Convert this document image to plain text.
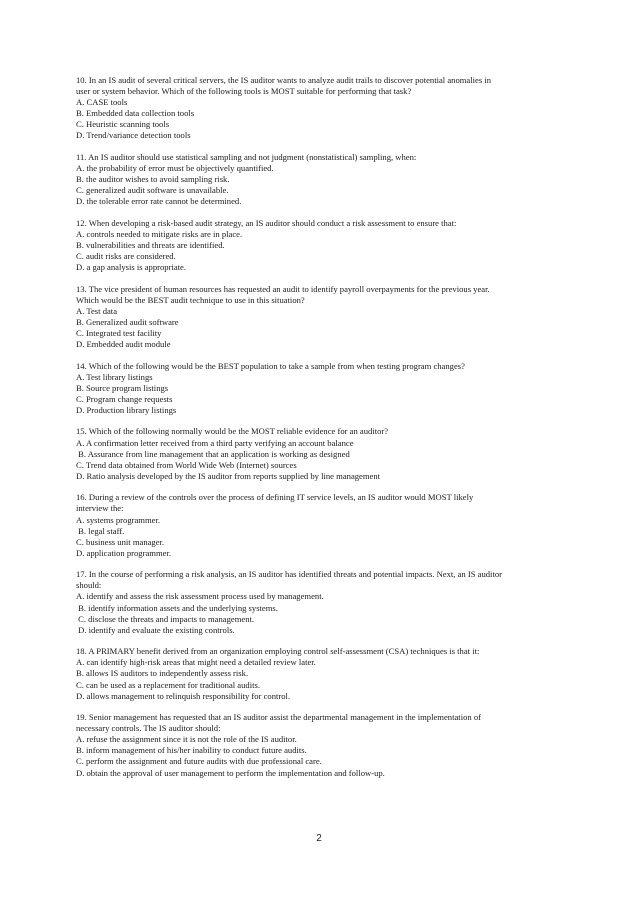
10. In an IS audit of several critical servers, the IS auditor wants to analyze audit trails to discover potential anomalies in
user or system behavior. Which of the following tools is MOST suitable for performing that task?
A. CASE tools
B. Embedded data collection tools
C. Heuristic scanning tools
D. Trend/variance detection tools
11. An IS auditor should use statistical sampling and not judgment (nonstatistical) sampling, when:
A. the probability of error must be objectively quantified.
B. the auditor wishes to avoid sampling risk.
C. generalized audit software is unavailable.
D. the tolerable error rate cannot be determined.
12. When developing a risk-based audit strategy, an IS auditor should conduct a risk assessment to ensure that:
A. controls needed to mitigate risks are in place.
B. vulnerabilities and threats are identified.
C. audit risks are considered.
D. a gap analysis is appropriate.
13. The vice president of human resources has requested an audit to identify payroll overpayments for the previous year.
Which would be the BEST audit technique to use in this situation?
A. Test data
B. Generalized audit software
C. Integrated test facility
D. Embedded audit module
14. Which of the following would be the BEST population to take a sample from when testing program changes?
A. Test library listings
B. Source program listings
C. Program change requests
D. Production library listings
15. Which of the following normally would be the MOST reliable evidence for an auditor?
A. A confirmation letter received from a third party verifying an account balance
B. Assurance from line management that an application is working as designed
C. Trend data obtained from World Wide Web (Internet) sources
D. Ratio analysis developed by the IS auditor from reports supplied by line management
16. During a review of the controls over the process of defining IT service levels, an IS auditor would MOST likely
interview the:
A. systems programmer.
B. legal staff.
C. business unit manager.
D. application programmer.
17. In the course of performing a risk analysis, an IS auditor has identified threats and potential impacts. Next, an IS auditor
should:
A. identify and assess the risk assessment process used by management.
B. identify information assets and the underlying systems.
C. disclose the threats and impacts to management.
D. identify and evaluate the existing controls.
18. A PRIMARY benefit derived from an organization employing control self-assessment (CSA) techniques is that it:
A. can identify high-risk areas that might need a detailed review later.
B. allows IS auditors to independently assess risk.
C. can be used as a replacement for traditional audits.
D. allows management to relinquish responsibility for control.
19. Senior management has requested that an IS auditor assist the departmental management in the implementation of
necessary controls. The IS auditor should:
A. refuse the assignment since it is not the role of the IS auditor.
B. inform management of his/her inability to conduct future audits.
C. perform the assignment and future audits with due professional care.
D. obtain the approval of user management to perform the implementation and follow-up.
2
